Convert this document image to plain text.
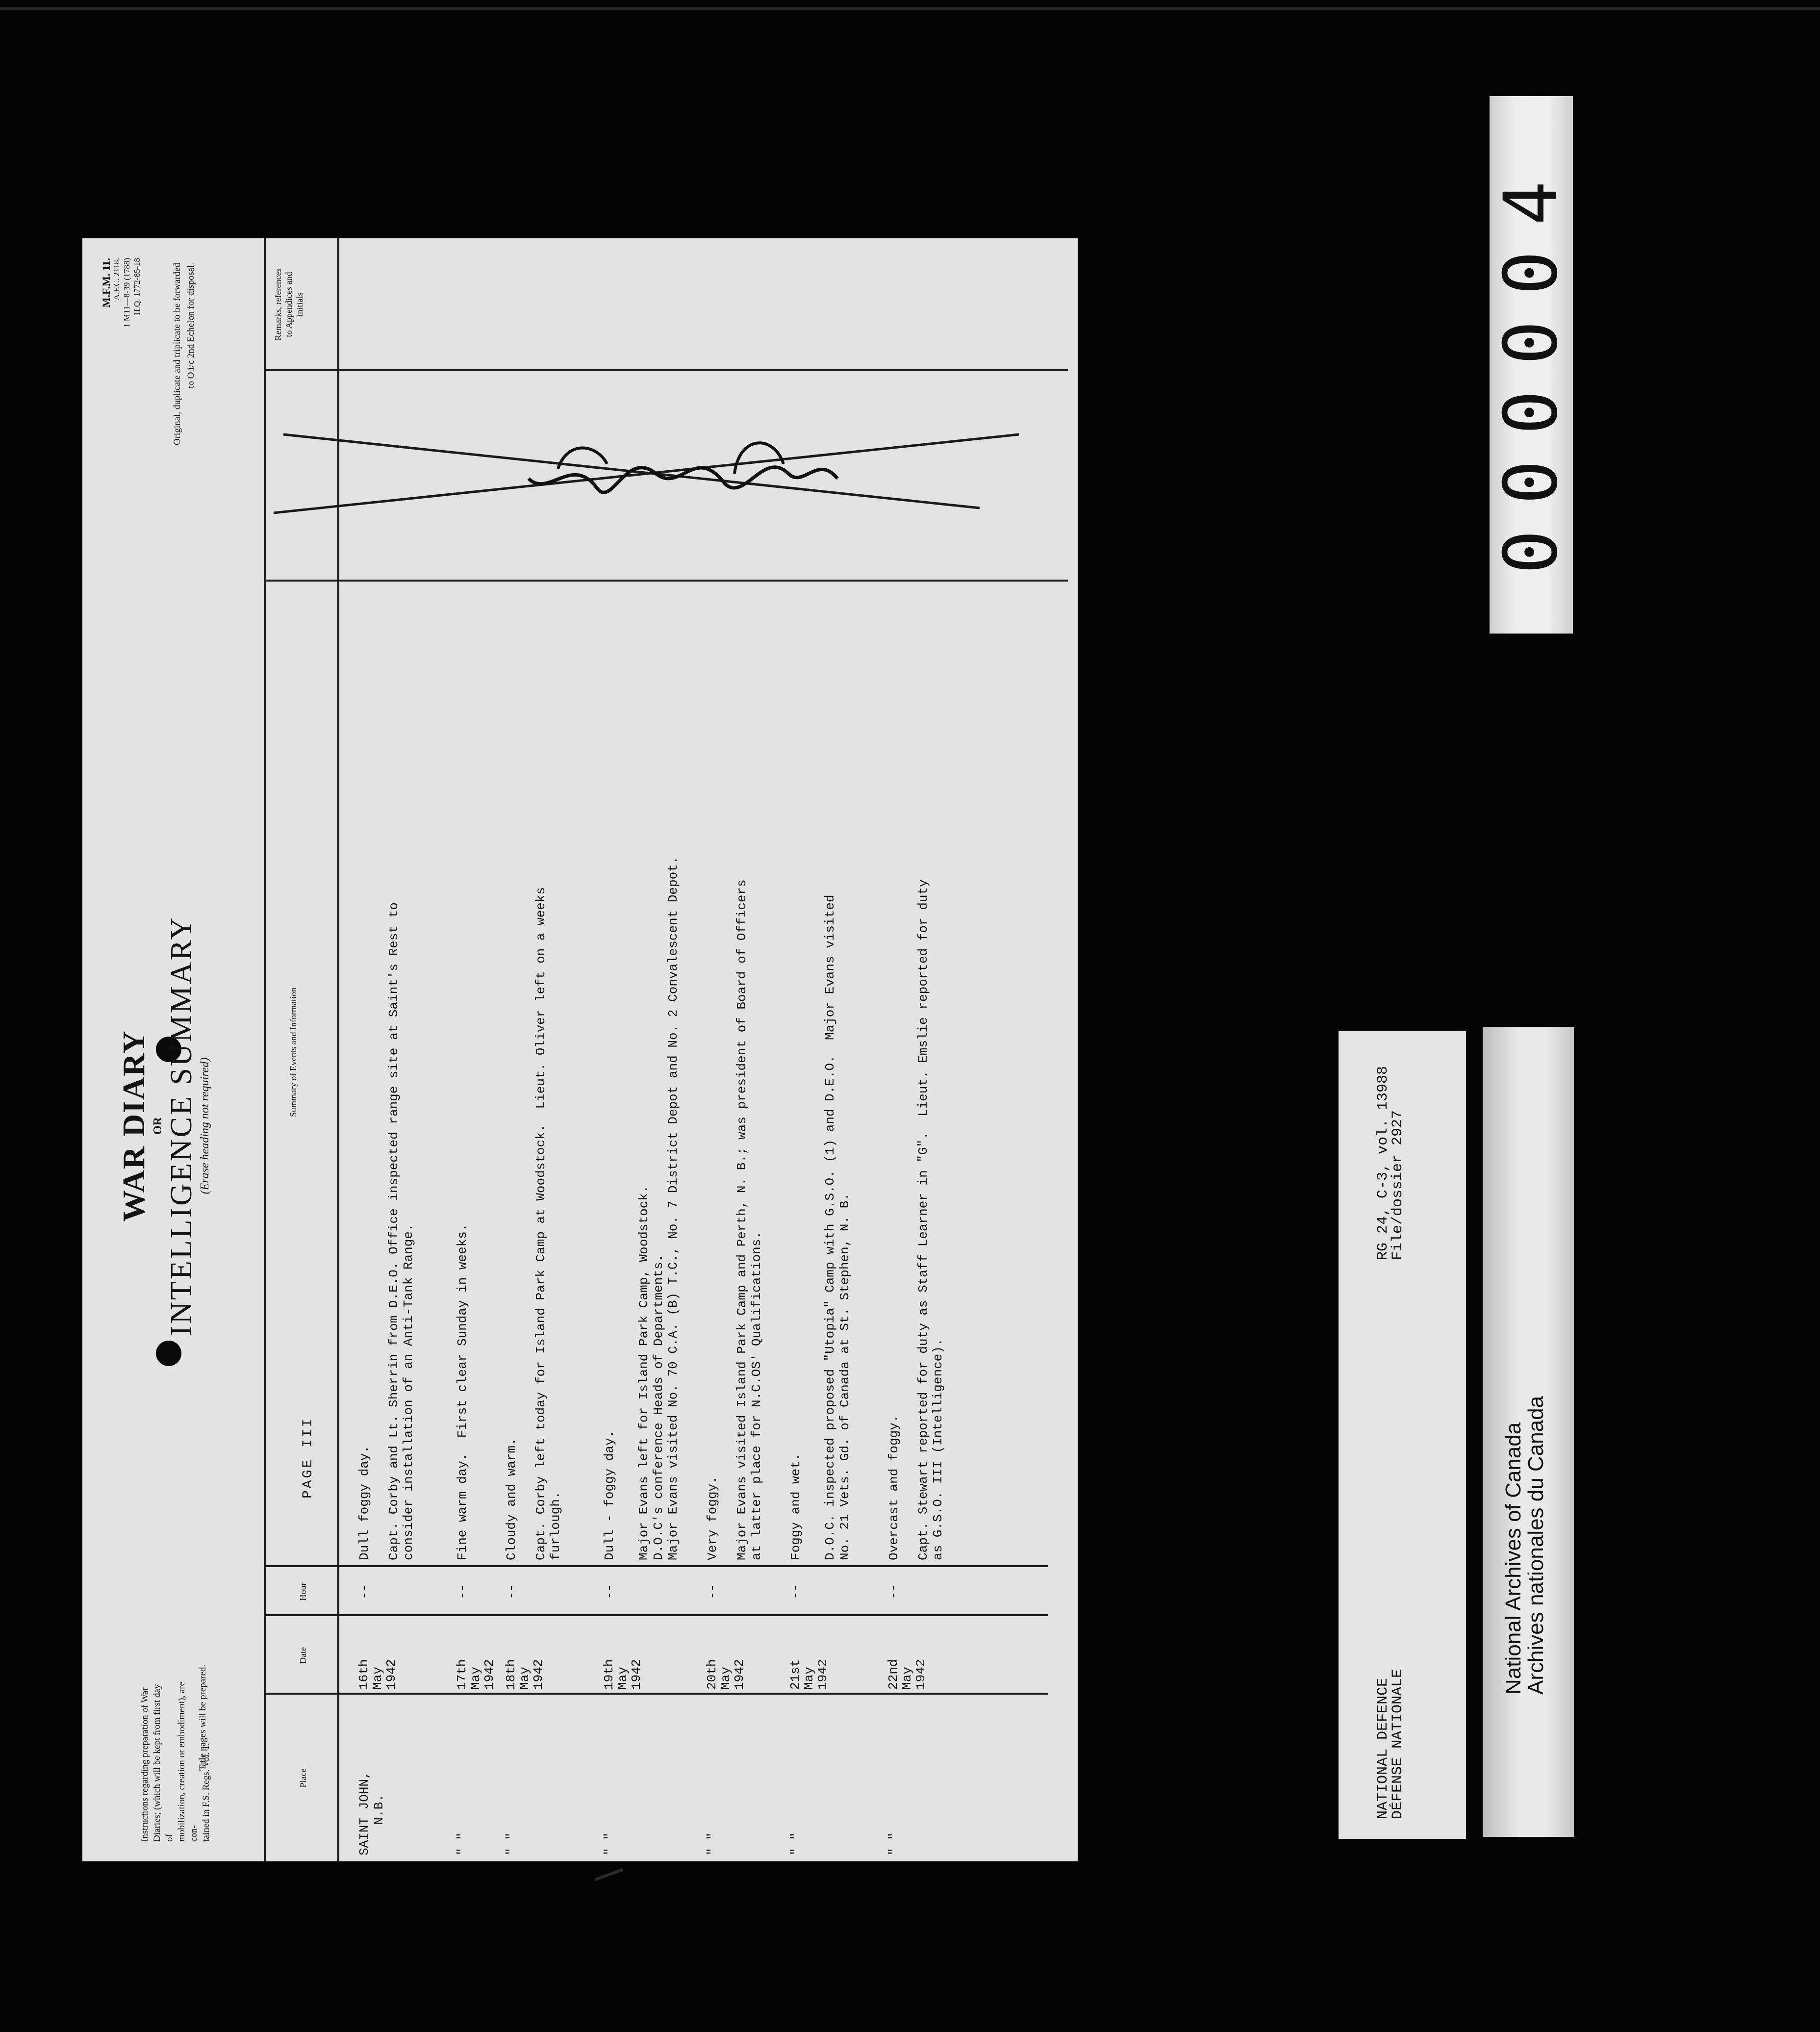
Instructions regarding preparation of War Diaries; (which will be kept from first day of mobilization, creation or embodiment), are con- tained in F.S. Regs. Vol. 1.
Title pages will be prepared.
M.F.M. 11. A.F.C. 2118. 1 M11—8-39 (1788) H.Q. 1772-85-18	Original, duplicate and triplicate to be forwarded to O.i/c 2nd Echelon for disposal.
WAR DIARY OR INTELLIGENCE SUMMARY (Erase heading not required)
Place
Date
Hour
Summary of Events and Information
Remarks, references to Appendices and initials
PAGE III
SAINT JOHN,
N.B.
16th
May
1942
--
Dull foggy day. Capt. Corby and Lt. Sherrin from D.E.O. Office inspected range site at Saint's Rest to
consider installation of an Anti-Tank Range.
" "
17th
May
1942
--
Fine warm day.  First clear Sunday in weeks.
" "
18th
May
1942
--
Cloudy and warm. Capt. Corby left today for Island Park Camp at Woodstock.  Lieut. Oliver left on a weeks
furlough.
" "
19th
May
1942
--
Dull - foggy day. Major Evans left for Island Park Camp, Woodstock.
D.O.C's conference Heads of Departments.
Major Evans visited No. 70 C.A. (B) T.C., No. 7 District Depot and No. 2 Convalescent Depot.
" "
20th
May
1942
--
Very foggy. Major Evans visited Island Park Camp and Perth, N. B.; was president of Board of Officers
at latter place for N.C.OS' Qualifications.
" "
21st
May
1942
--
Foggy and wet. D.O.C. inspected proposed "Utopia" Camp with G.S.O. (1) and D.E.O.  Major Evans visited
No. 21 Vets. Gd. of Canada at St. Stephen, N. B.
" "
22nd
May
1942
--
Overcast and foggy. Capt. Stewart reported for duty as Staff Learner in "G".  Lieut. Emslie reported for duty
as G.S.O. III (Intelligence).
000004
NATIONAL DEFENCE
DÉFENSE NATIONALE
RG 24, C-3, vol. 13988
File/dossier 2927
National Archives of Canada
Archives nationales du Canada
